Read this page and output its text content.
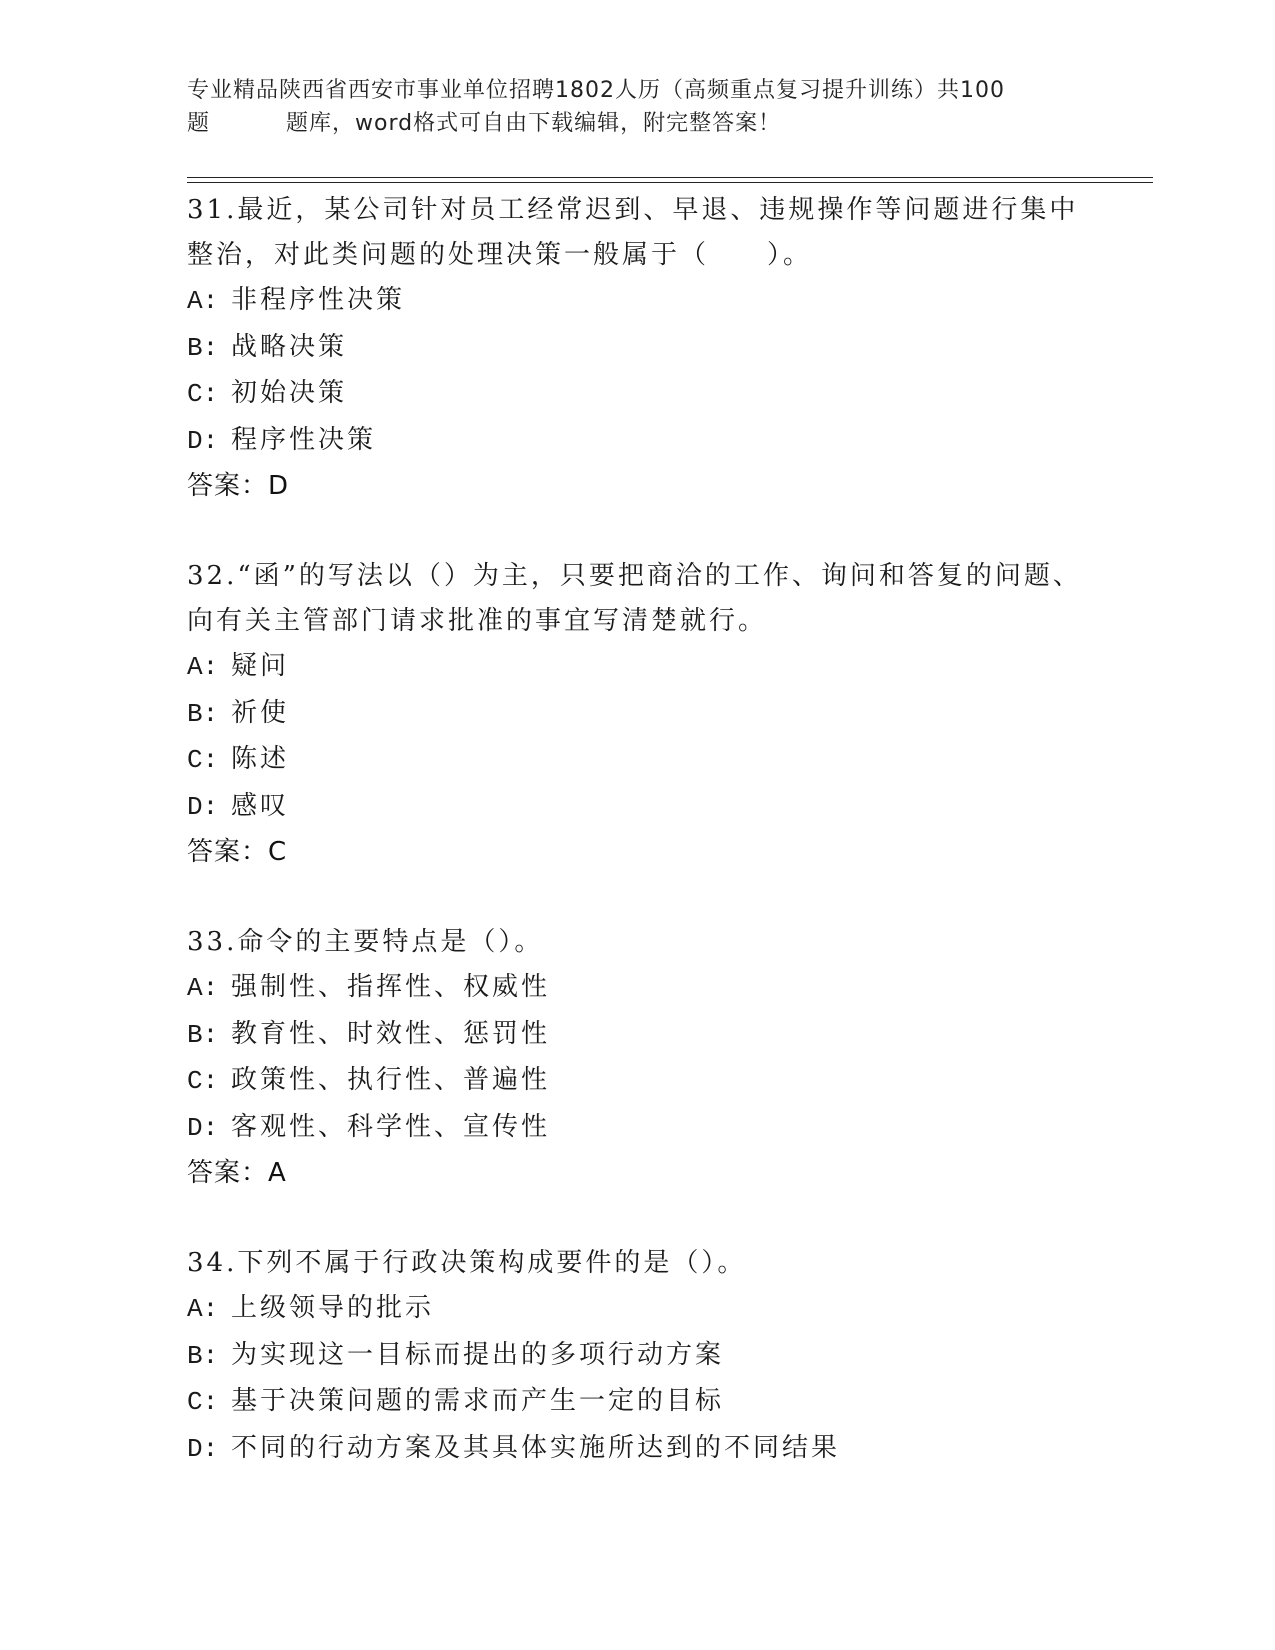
专业精品陕西省西安市事业单位招聘1802人历（高频重点复习提升训练）共100
题	题库，word格式可自由下载编辑，附完整答案！
31.最近，某公司针对员工经常迟到、早退、违规操作等问题进行集中整治，对此类问题的处理决策一般属于（　　）。
A: 非程序性决策
B: 战略决策
C: 初始决策
D: 程序性决策
答案：D
32.“函”的写法以（）为主，只要把商洽的工作、询问和答复的问题、向有关主管部门请求批准的事宜写清楚就行。
A: 疑问
B: 祈使
C: 陈述
D: 感叹
答案：C
33.命令的主要特点是（）。
A: 强制性、指挥性、权威性
B: 教育性、时效性、惩罚性
C: 政策性、执行性、普遍性
D: 客观性、科学性、宣传性
答案：A
34.下列不属于行政决策构成要件的是（）。
A: 上级领导的批示
B: 为实现这一目标而提出的多项行动方案
C: 基于决策问题的需求而产生一定的目标
D: 不同的行动方案及其具体实施所达到的不同结果
